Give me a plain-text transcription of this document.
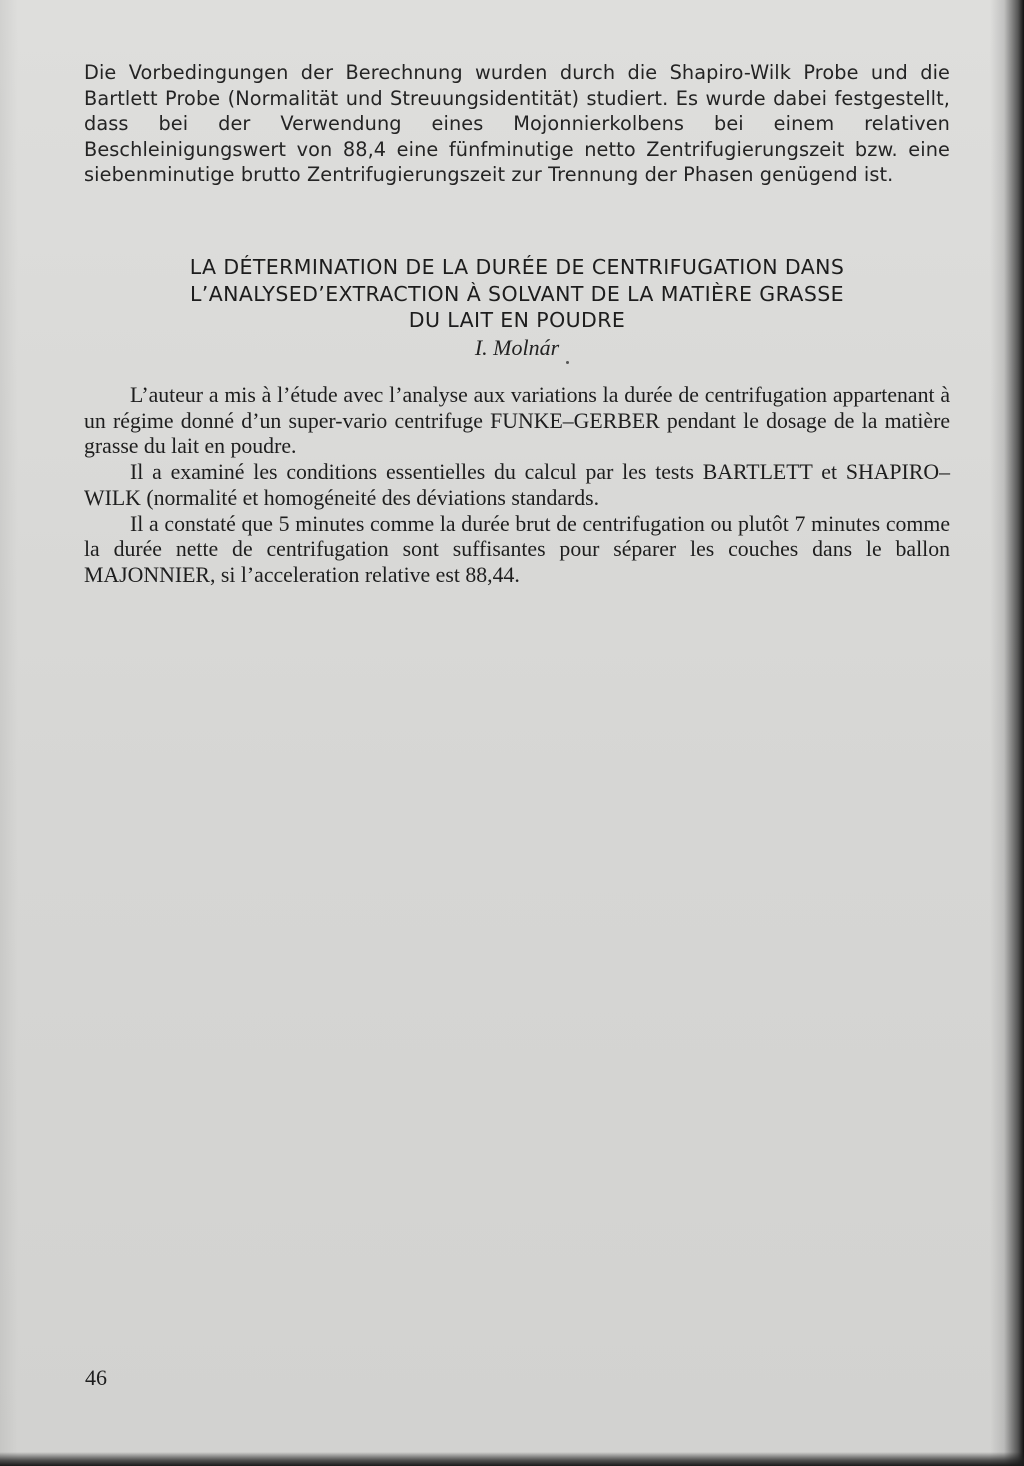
Die Vorbedingungen der Berechnung wurden durch die Shapiro-Wilk Probe und die Bartlett Probe (Normalität und Streuungsidentität) studiert. Es wurde dabei festgestellt, dass bei der Verwendung eines Mojonnierkolbens bei einem relativen Beschleinigungswert von 88,4 eine fünfminutige netto Zentrifugierungszeit bzw. eine siebenminutige brutto Zentrifugierungszeit zur Trennung der Phasen genügend ist.

LA DÉTERMINATION DE LA DURÉE DE CENTRIFUGATION DANS
L’ANALYSED’EXTRACTION À SOLVANT DE LA MATIÈRE GRASSE
DU LAIT EN POUDRE
I. Molnár

L’auteur a mis à l’étude avec l’analyse aux variations la durée de centrifugation appartenant à un régime donné d’un super-vario centrifuge FUNKE–GERBER pendant le dosage de la matière grasse du lait en poudre.

Il a examiné les conditions essentielles du calcul par les tests BARTLETT et SHAPIRO–WILK (normalité et homogéneité des déviations standards.

Il a constaté que 5 minutes comme la durée brut de centrifugation ou plutôt 7 minutes comme la durée nette de centrifugation sont suffisantes pour séparer les couches dans le ballon MAJONNIER, si l’acceleration relative est 88,44.

46
